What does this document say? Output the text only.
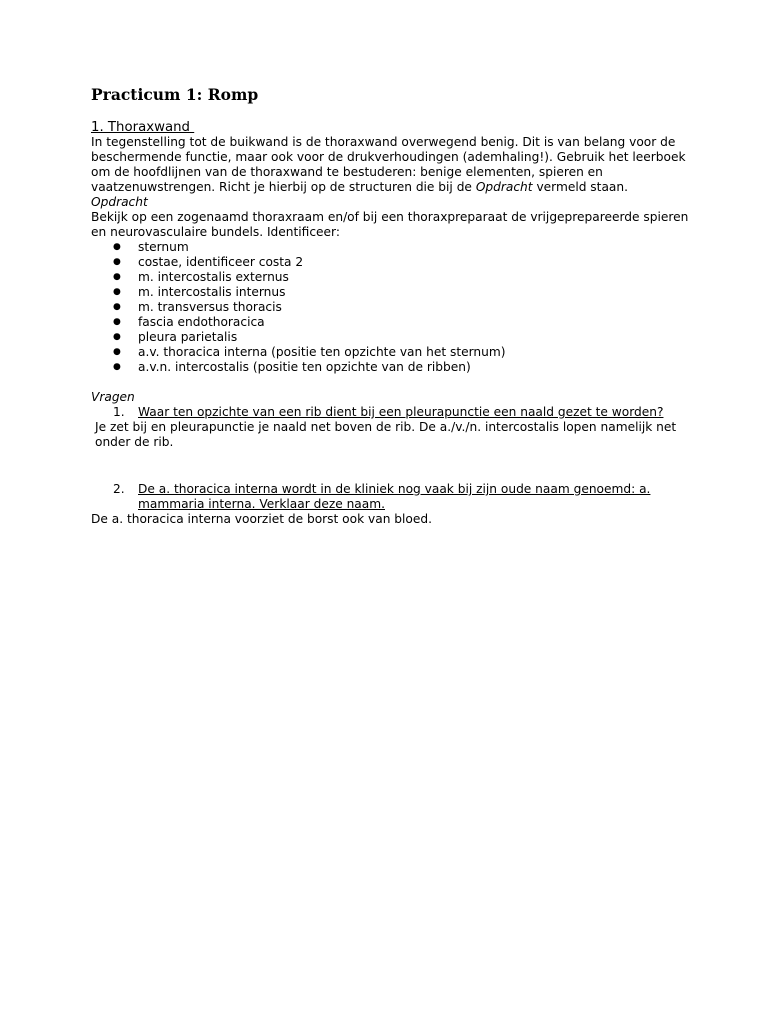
Practicum 1: Romp

1. Thoraxwand

In tegenstelling tot de buikwand is de thoraxwand overwegend benig. Dit is van belang voor de beschermende functie, maar ook voor de drukverhoudingen (ademhaling!). Gebruik het leerboek om de hoofdlijnen van de thoraxwand te bestuderen: benige elementen, spieren en vaatzenuwstrengen. Richt je hierbij op de structuren die bij de Opdracht vermeld staan.

Opdracht

Bekijk op een zogenaamd thoraxraam en/of bij een thoraxpreparaat de vrijgeprepareerde spieren en neurovasculaire bundels. Identificeer:

● sternum
● costae, identificeer costa 2
● m. intercostalis externus
● m. intercostalis internus
● m. transversus thoracis
● fascia endothoracica
● pleura parietalis
● a.v. thoracica interna (positie ten opzichte van het sternum)
● a.v.n. intercostalis (positie ten opzichte van de ribben)

Vragen

1. Waar ten opzichte van een rib dient bij een pleurapunctie een naald gezet te worden?

Je zet bij en pleurapunctie je naald net boven de rib. De a./v./n. intercostalis lopen namelijk net onder de rib.

2. De a. thoracica interna wordt in de kliniek nog vaak bij zijn oude naam genoemd: a. mammaria interna. Verklaar deze naam.

De a. thoracica interna voorziet de borst ook van bloed.
